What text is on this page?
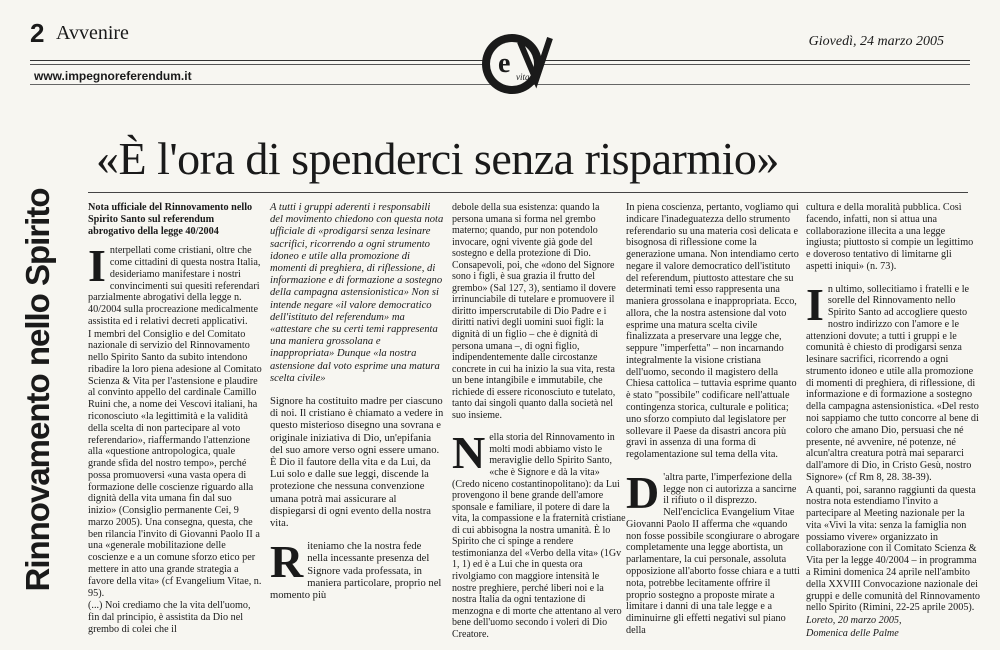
2 Avvenire	Giovedì, 24 marzo 2005
www.impegnoreferendum.it	e vita
Rinnovamento nello Spirito
«È l'ora di spenderci senza risparmio»

Nota ufficiale del Rinnovamento nello Spirito Santo sul referendum abrogativo della legge 40/2004

Interpellati come cristiani, oltre che come cittadini di questa nostra Italia, desideriamo manifestare i nostri convincimenti sui quesiti referendari parzialmente abrogativi della legge n. 40/2004 sulla procreazione medicalmente assistita ed i relativi decreti applicativi.

I membri del Consiglio e del Comitato nazionale di servizio del Rinnovamento nello Spirito Santo da subito intendono ribadire la loro piena adesione al Comitato Scienza & Vita per l'astensione e plaudire al convinto appello del cardinale Camillo Ruini che, a nome dei Vescovi italiani, ha riconosciuto «la legittimità e la validità della scelta di non partecipare al voto referendario», riaffermando l'attenzione alla «questione antropologica, quale grande sfida del nostro tempo», perché possa promuoversi «una vasta opera di formazione delle coscienze riguardo alla dignità della vita umana fin dal suo inizio» (Consiglio permanente Cei, 9 marzo 2005). Una consegna, questa, che ben rilancia l'invito di Giovanni Paolo II a una «generale mobilitazione delle coscienze e a un comune sforzo etico per mettere in atto una grande strategia a favore della vita» (cf Evangelium Vitae, n. 95).

(...) Noi crediamo che la vita dell'uomo, fin dal principio, è assistita da Dio nel grembo di colei che il

A tutti i gruppi aderenti i responsabili del movimento chiedono con questa nota ufficiale di «prodigarsi senza lesinare sacrifici, ricorrendo a ogni strumento idoneo e utile alla promozione di momenti di preghiera, di riflessione, di informazione e di formazione a sostegno della campagna astensionistica» Non si intende negare «il valore democratico dell'istituto del referendum» ma «attestare che su certi temi rappresenta una maniera grossolana e inappropriata» Dunque «la nostra astensione dal voto esprime una matura scelta civile»

Signore ha costituito madre per ciascuno di noi. Il cristiano è chiamato a vedere in questo misterioso disegno una sovrana e originale iniziativa di Dio, un'epifania del suo amore verso ogni essere umano. È Dio il fautore della vita e da Lui, da Lui solo e dalle sue leggi, discende la protezione che nessuna convenzione umana potrà mai assicurare al dispiegarsi di ogni evento della nostra vita.

Riteniamo che la nostra fede nella incessante presenza del Signore vada professata, in maniera particolare, proprio nel momento più

debole della sua esistenza: quando la persona umana si forma nel grembo materno; quando, pur non potendolo invocare, ogni vivente già gode del sostegno e della protezione di Dio. Consapevoli, poi, che «dono del Signore sono i figli, è sua grazia il frutto del grembo» (Sal 127, 3), sentiamo il dovere irrinunciabile di tutelare e promuovere il diritto imperscrutabile di Dio Padre e i diritti nativi degli uomini suoi figli: la dignità di un figlio – che è dignità di persona umana –, di ogni figlio, indipendentemente dalle circostanze concrete in cui ha inizio la sua vita, resta un bene intangibile e immutabile, che richiede di essere riconosciuto e tutelato, tanto dai singoli quanto dalla società nel suo insieme.

Nella storia del Rinnovamento in molti modi abbiamo visto le meraviglie dello Spirito Santo, «che è Signore e dà la vita» (Credo niceno costantinopolitano): da Lui provengono il bene grande dell'amore sponsale e familiare, il potere di dare la vita, la compassione e la fraternità cristiane di cui abbisogna la nostra umanità. È lo Spirito che ci spinge a rendere testimonianza del «Verbo della vita» (1Gv 1, 1) ed è a Lui che in questa ora rivolgiamo con maggiore intensità le nostre preghiere, perché liberi noi e la nostra Italia da ogni tentazione di menzogna e di morte che attentano al vero bene dell'uomo secondo i voleri di Dio Creatore.

In piena coscienza, pertanto, vogliamo qui indicare l'inadeguatezza dello strumento referendario su una materia così delicata e bisognosa di riflessione come la generazione umana. Non intendiamo certo negare il valore democratico dell'istituto del referendum, piuttosto attestare che su determinati temi esso rappresenta una maniera grossolana e inappropriata. Ecco, allora, che la nostra astensione dal voto esprime una matura scelta civile finalizzata a preservare una legge che, seppure "imperfetta" – non incarnando integralmente la visione cristiana dell'uomo, secondo il magistero della Chiesa cattolica – tuttavia esprime quanto è stato "possibile" codificare nell'attuale contingenza storica, culturale e politica; uno sforzo compiuto dal legislatore per sollevare il Paese da disastri ancora più gravi in assenza di una forma di regolamentazione sul tema della vita.

D 'altra parte, l'imperfezione della legge non ci autorizza a sancirne il rifiuto o il disprezzo. Nell'enciclica Evangelium Vitae Giovanni Paolo II afferma che «quando non fosse possibile scongiurare o abrogare completamente una legge abortista, un parlamentare, la cui personale, assoluta opposizione all'aborto fosse chiara e a tutti nota, potrebbe lecitamente offrire il proprio sostegno a proposte mirate a limitare i danni di una tale legge e a diminuirne gli effetti negativi sul piano della

cultura e della moralità pubblica. Così facendo, infatti, non si attua una collaborazione illecita a una legge ingiusta; piuttosto si compie un legittimo e doveroso tentativo di limitarne gli aspetti iniqui» (n. 73).

In ultimo, sollecitiamo i fratelli e le sorelle del Rinnovamento nello Spirito Santo ad accogliere questo nostro indirizzo con l'amore e le attenzioni dovute; a tutti i gruppi e le comunità è chiesto di prodigarsi senza lesinare sacrifici, ricorrendo a ogni strumento idoneo e utile alla promozione di momenti di preghiera, di riflessione, di informazione e di formazione a sostegno della campagna astensionistica. «Del resto noi sappiamo che tutto concorre al bene di coloro che amano Dio, persuasi che né presente, né avvenire, né potenze, né alcun'altra creatura potrà mai separarci dall'amore di Dio, in Cristo Gesù, nostro Signore» (cf Rm 8, 28. 38-39).

A quanti, poi, saranno raggiunti da questa nostra nota estendiamo l'invito a partecipare al Meeting nazionale per la vita «Vivi la vita: senza la famiglia non possiamo vivere» organizzato in collaborazione con il Comitato Scienza & Vita per la legge 40/2004 – in programma a Rimini domenica 24 aprile nell'ambito della XXVIII Convocazione nazionale dei gruppi e delle comunità del Rinnovamento nello Spirito (Rimini, 22-25 aprile 2005).

Loreto, 20 marzo 2005,

Domenica delle Palme
